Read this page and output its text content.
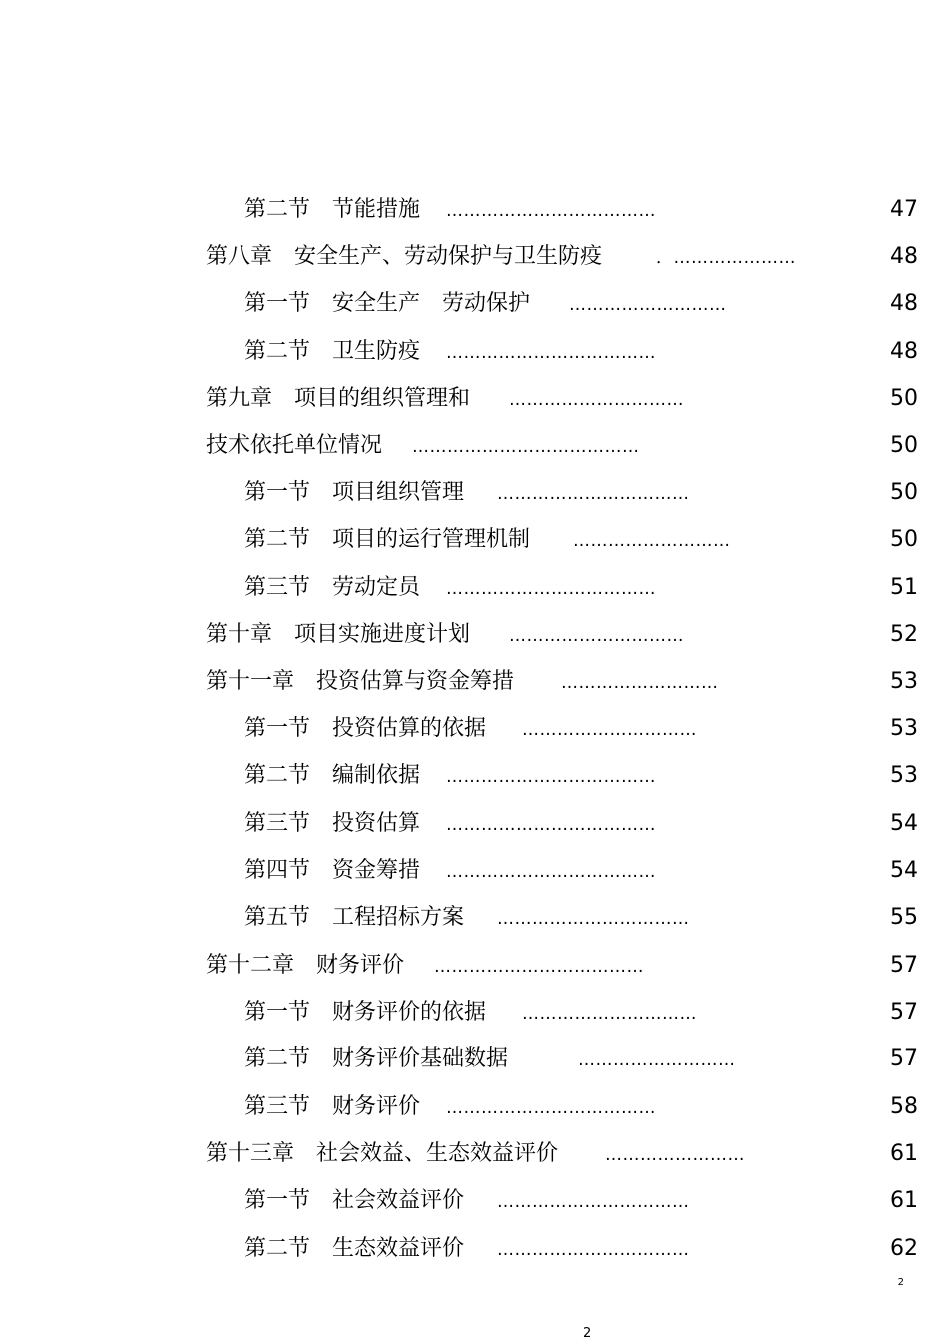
第二节　节能措施 ………………………………	47
第八章　安全生产、劳动保护与卫生防疫	．…………………	48
第一节　安全生产　劳动保护 ………………………	48
第二节　卫生防疫 ………………………………	48
第九章　项目的组织管理和 …………………………	50
技术依托单位情况 …………………………………	50
第一节　项目组织管理 ……………………………	50
第二节　项目的运行管理机制	………………………	50
第三节　劳动定员 ………………………………	51
第十章　项目实施进度计划 …………………………	52
第十一章　投资估算与资金筹措	………………………	53
第一节　投资估算的依据 …………………………	53
第二节　编制依据 ………………………………	53
第三节　投资估算 ………………………………	54
第四节　资金筹措 ………………………………	54
第五节　工程招标方案 ……………………………	55
第十二章　财务评价 ………………………………	57
第一节　财务评价的依据 …………………………	57
第二节　财务评价基础数据	………………………	57
第三节　财务评价 ………………………………	58
第十三章　社会效益、生态效益评价	……………………	61
第一节　社会效益评价 ……………………………	61
第二节　生态效益评价 ……………………………	62
2
2
